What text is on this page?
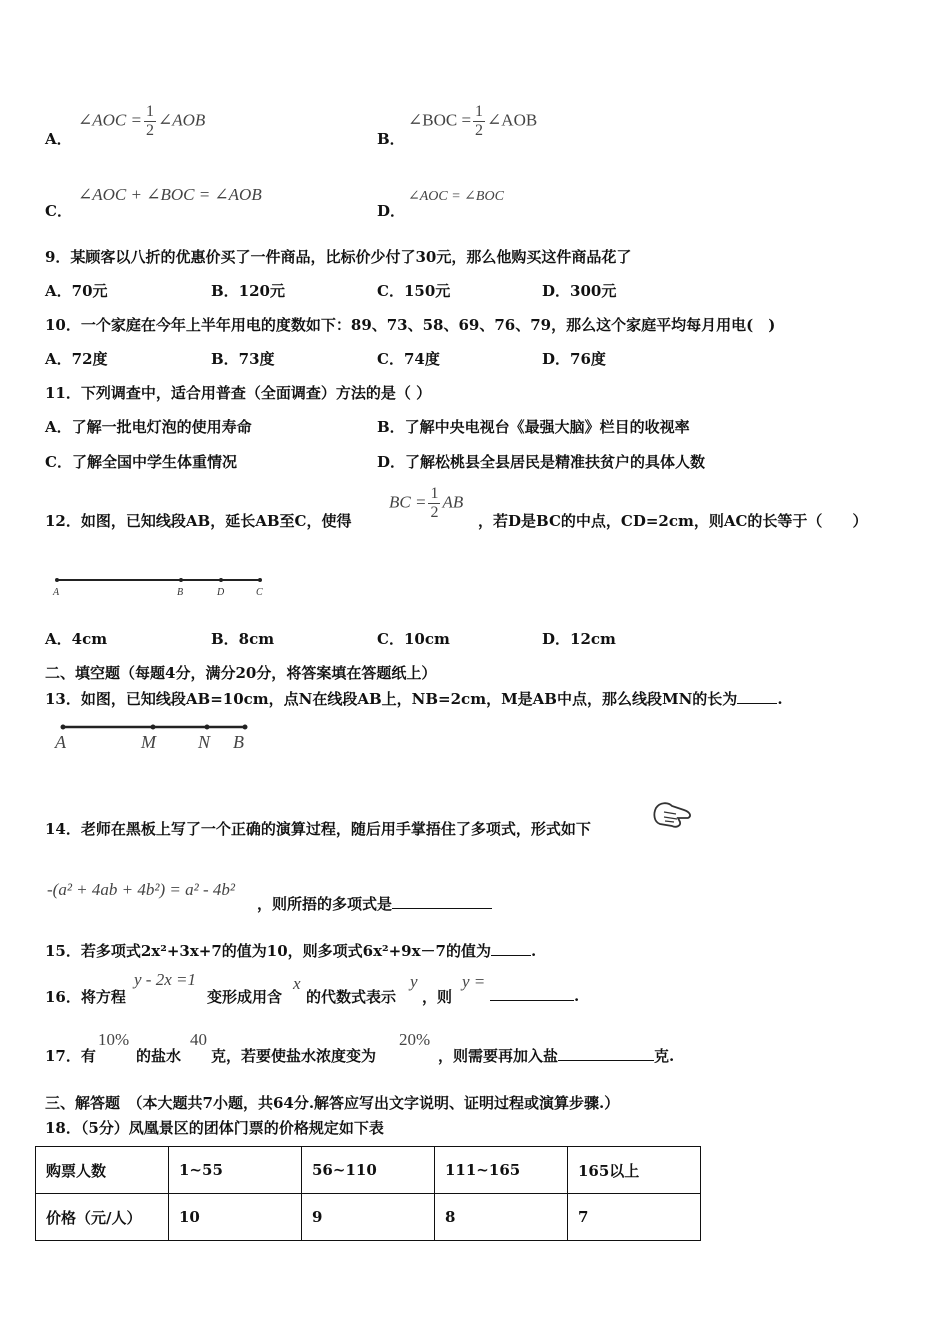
A．
∠AOC = $\frac{1}{2}$ ∠AOB
B．
∠BOC = $\frac{1}{2}$ ∠AOB
C．
∠AOC + ∠BOC = ∠AOB
D．
∠AOC = ∠BOC
9．某顾客以八折的优惠价买了一件商品，比标价少付了30元，那么他购买这件商品花了
A．70元	B．120元	C．150元	D．300元
10．一个家庭在今年上半年用电的度数如下：89、73、58、69、76、79，那么这个家庭平均每月用电(　)
A．72度	B．73度	C．74度	D．76度
11．下列调查中，适合用普查（全面调查）方法的是（ ）
A．了解一批电灯泡的使用寿命	B．了解中央电视台《最强大脑》栏目的收视率
C．了解全国中学生体重情况	D．了解松桃县全县居民是精准扶贫户的具体人数
12．如图，已知线段AB，延长AB至C，使得
BC = $\frac{1}{2}$ AB
，若D是BC的中点，CD=2cm，则AC的长等于（　　）
A	B	D	C
A．4cm	B．8cm	C．10cm	D．12cm
二、填空题（每题4分，满分20分，将答案填在答题纸上）
13．如图，已知线段AB=10cm，点N在线段AB上，NB=2cm，M是AB中点，那么线段MN的长为	.
A	M N B
14．老师在黑板上写了一个正确的演算过程，随后用手掌捂住了多项式，形式如下
-(a² + 4ab + 4b²) = a² - 4b²
，则所捂的多项式是
15．若多项式2x²+3x+7的值为10，则多项式6x²+9x－7的值为	.
16．将方程
y - 2x =1
变形成用含
x
的代数式表示
y
，则
y =
.
17．有
10%
的盐水
40
克，若要使盐水浓度变为
20%
，则需要再加入盐	克.
三、解答题　（本大题共7小题，共64分.解答应写出文字说明、证明过程或演算步骤.）
18．（5分）凤凰景区的团体门票的价格规定如下表
购票人数	1~55	56~110	111~165	165以上
价格（元/人）	10	9	8	7
